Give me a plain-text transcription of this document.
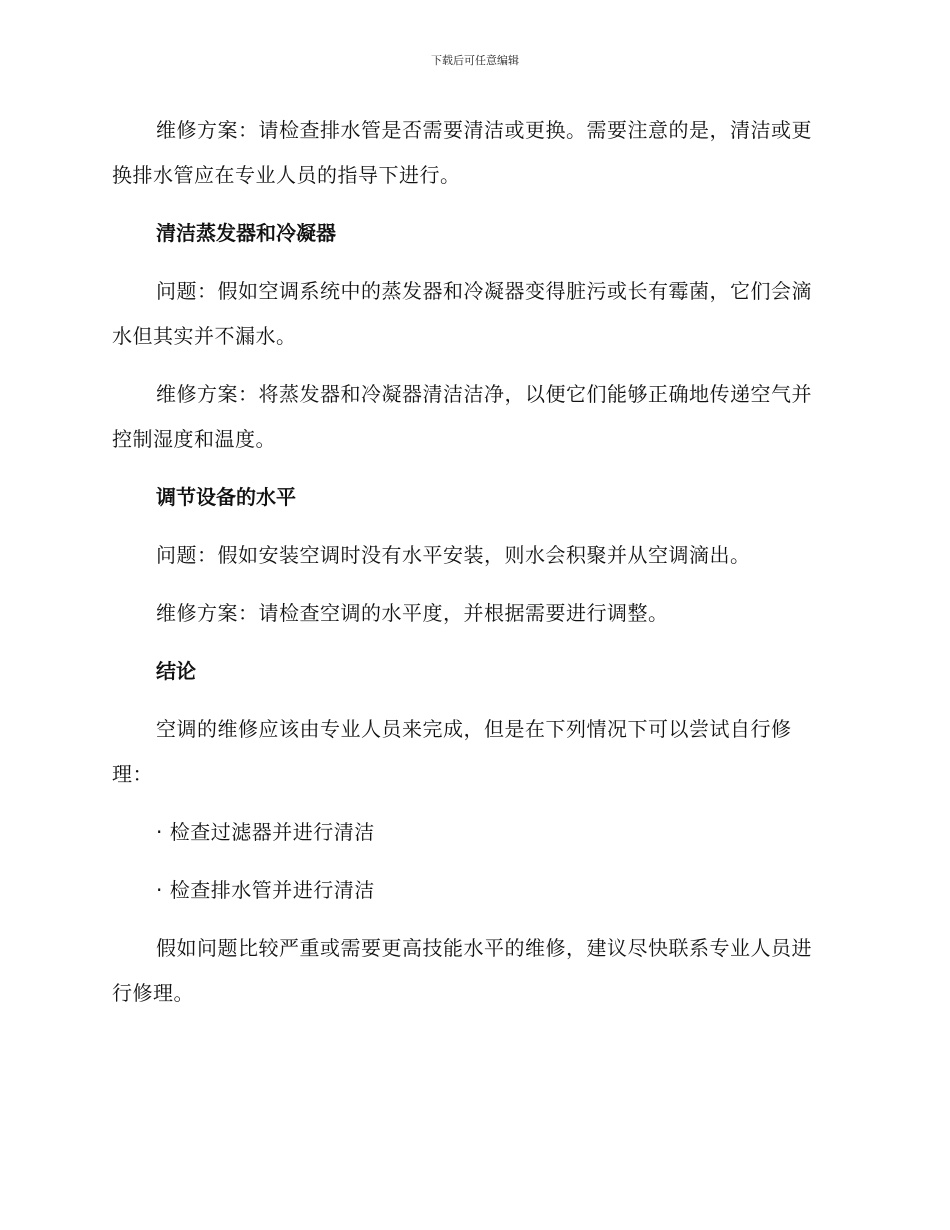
下载后可任意编辑

维修方案：请检查排水管是否需要清洁或更换。需要注意的是，清洁或更换排水管应在专业人员的指导下进行。

清洁蒸发器和冷凝器

问题：假如空调系统中的蒸发器和冷凝器变得脏污或长有霉菌，它们会滴水但其实并不漏水。

维修方案：将蒸发器和冷凝器清洁洁净，以便它们能够正确地传递空气并控制湿度和温度。

调节设备的水平

问题：假如安装空调时没有水平安装，则水会积聚并从空调滴出。

维修方案：请检查空调的水平度，并根据需要进行调整。

结论

空调的维修应该由专业人员来完成，但是在下列情况下可以尝试自行修理：

· 检查过滤器并进行清洁

· 检查排水管并进行清洁

假如问题比较严重或需要更高技能水平的维修，建议尽快联系专业人员进行修理。
